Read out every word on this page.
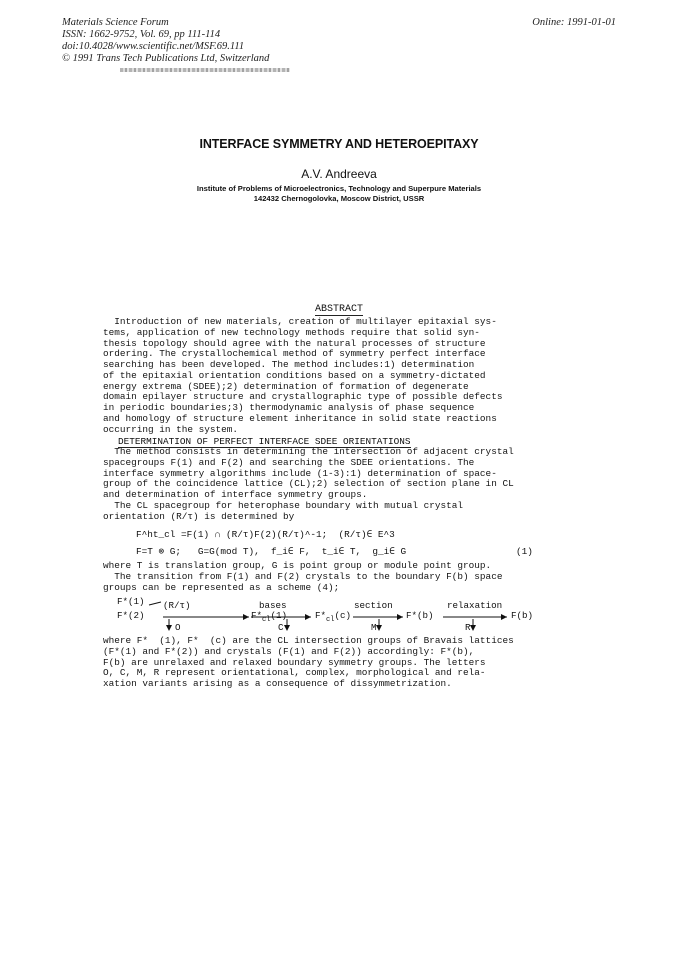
Materials Science Forum
ISSN: 1662-9752, Vol. 69, pp 111-114
doi:10.4028/www.scientific.net/MSF.69.111
© 1991 Trans Tech Publications Ltd, Switzerland
Online: 1991-01-01
INTERFACE SYMMETRY AND HETEROEPITAXY
A.V. Andreeva
Institute of Problems of Microelectronics, Technology and Superpure Materials
142432 Chernogolovka, Moscow District, USSR
ABSTRACT
Introduction of new materials, creation of multilayer epitaxial sys-
tems, application of new technology methods require that solid syn-
thesis topology should agree with the natural processes of structure
ordering. The crystallochemical method of symmetry perfect interface
searching has been developed. The method includes:1) determination
of the epitaxial orientation conditions based on a symmetry-dictated
energy extrema (SDEE);2) determination of formation of degenerate
domain epilayer structure and crystallographic type of possible defects
in periodic boundaries;3) thermodynamic analysis of phase sequence
and homology of structure element inheritance in solid state reactions
occurring in the system.
DETERMINATION OF PERFECT INTERFACE SDEE ORIENTATIONS
The method consists in determining the intersection of adjacent crystal
spacegroups F(1) and F(2) and searching the SDEE orientations. The
interface symmetry algorithms include (1-3):1) determination of space-
group of the coincidence lattice (CL);2) selection of section plane in CL
and determination of interface symmetry groups.
The CL spacegroup for heterophase boundary with mutual crystal
orientation (R/τ) is determined by
F^ht_cl =F(1) ∩ (R/τ)F(2)(R/τ)^-1;  (R/τ)∈ E^3
F=T ⊗ G;   G=G(mod T),  f_i∈ F,  t_i∈ T,  g_i∈ G	(1)
where T is translation group, G is point group or module point group.
The transition from F(1) and F(2) crystals to the boundary F(b) space
groups can be represented as a scheme (4);
F*(1) (R/τ)
F*(2)
O
$F*_{cl}(1)$
bases
C
$F*_{cl}(c)$
section
M
F*(b)
relaxation
R
F(b)
where F*  (1), F*  (c) are the CL intersection groups of Bravais lattices
(F*(1) and F*(2)) and crystals (F(1) and F(2)) accordingly: F*(b),
F(b) are unrelaxed and relaxed boundary symmetry groups. The letters
O, C, M, R represent orientational, complex, morphological and rela-
xation variants arising as a consequence of dissymmetrization.
